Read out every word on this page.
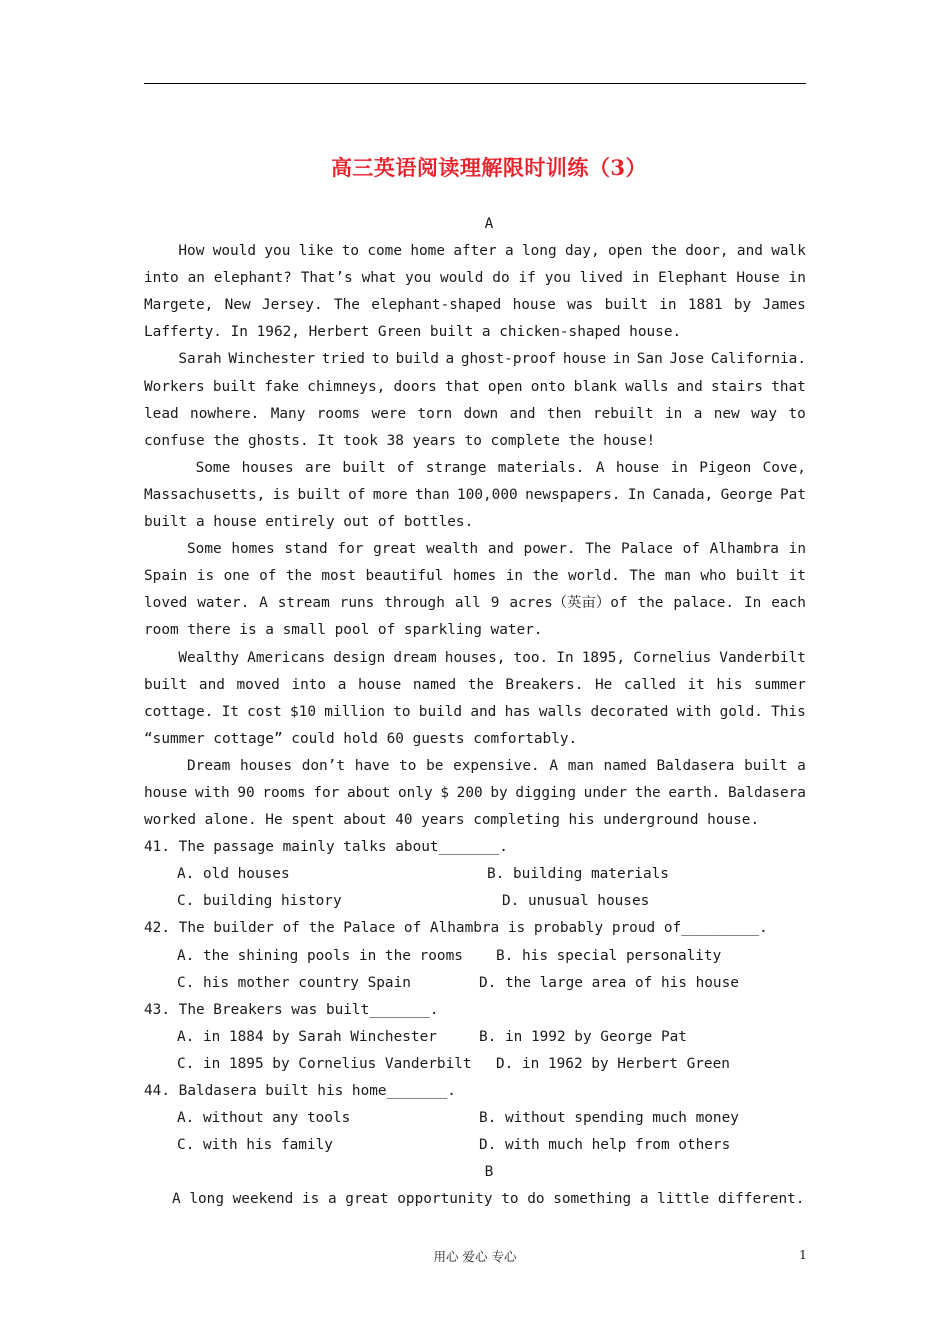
高三英语阅读理解限时训练（3）
A
How would you like to come home after a long day, open the door, and walk
into an elephant? That’s what you would do if you lived in Elephant House in
Margete, New Jersey. The elephant-shaped house was built in 1881 by James
Lafferty. In 1962, Herbert Green built a chicken-shaped house.
Sarah Winchester tried to build a ghost-proof house in San Jose California.
Workers built fake chimneys, doors that open onto blank walls and stairs that
lead nowhere. Many rooms were torn down and then rebuilt in a new way to
confuse the ghosts. It took 38 years to complete the house!
Some houses are built of strange materials. A house in Pigeon Cove,
Massachusetts, is built of more than 100,000 newspapers. In Canada, George Pat
built a house entirely out of bottles.
Some homes stand for great wealth and power. The Palace of Alhambra in
Spain is one of the most beautiful homes in the world. The man who built it
loved water. A stream runs through all 9 acres（英亩）of the palace. In each
room there is a small pool of sparkling water.
Wealthy Americans design dream houses, too. In 1895, Cornelius Vanderbilt
built and moved into a house named the Breakers. He called it his summer
cottage. It cost $10 million to build and has walls decorated with gold. This
“summer cottage” could hold 60 guests comfortably.
Dream houses don’t have to be expensive. A man named Baldasera built a
house with 90 rooms for about only $ 200 by digging under the earth. Baldasera
worked alone. He spent about 40 years completing his underground house.
41. The passage mainly talks about_______.
A. old houses	B. building materials
C. building history	D. unusual houses
42. The builder of the Palace of Alhambra is probably proud of_________.
A. the shining pools in the rooms B. his special personality
C. his mother country Spain	D. the large area of his house
43. The Breakers was built_______.
A. in 1884 by Sarah Winchester	B. in 1992 by George Pat
C. in 1895 by Cornelius Vanderbilt D. in 1962 by Herbert Green
44. Baldasera built his home_______.
A. without any tools	B. without spending much money
C. with his family	D. with much help from others
B
A long weekend is a great opportunity to do something a little different.
用心 爱心 专心	1
